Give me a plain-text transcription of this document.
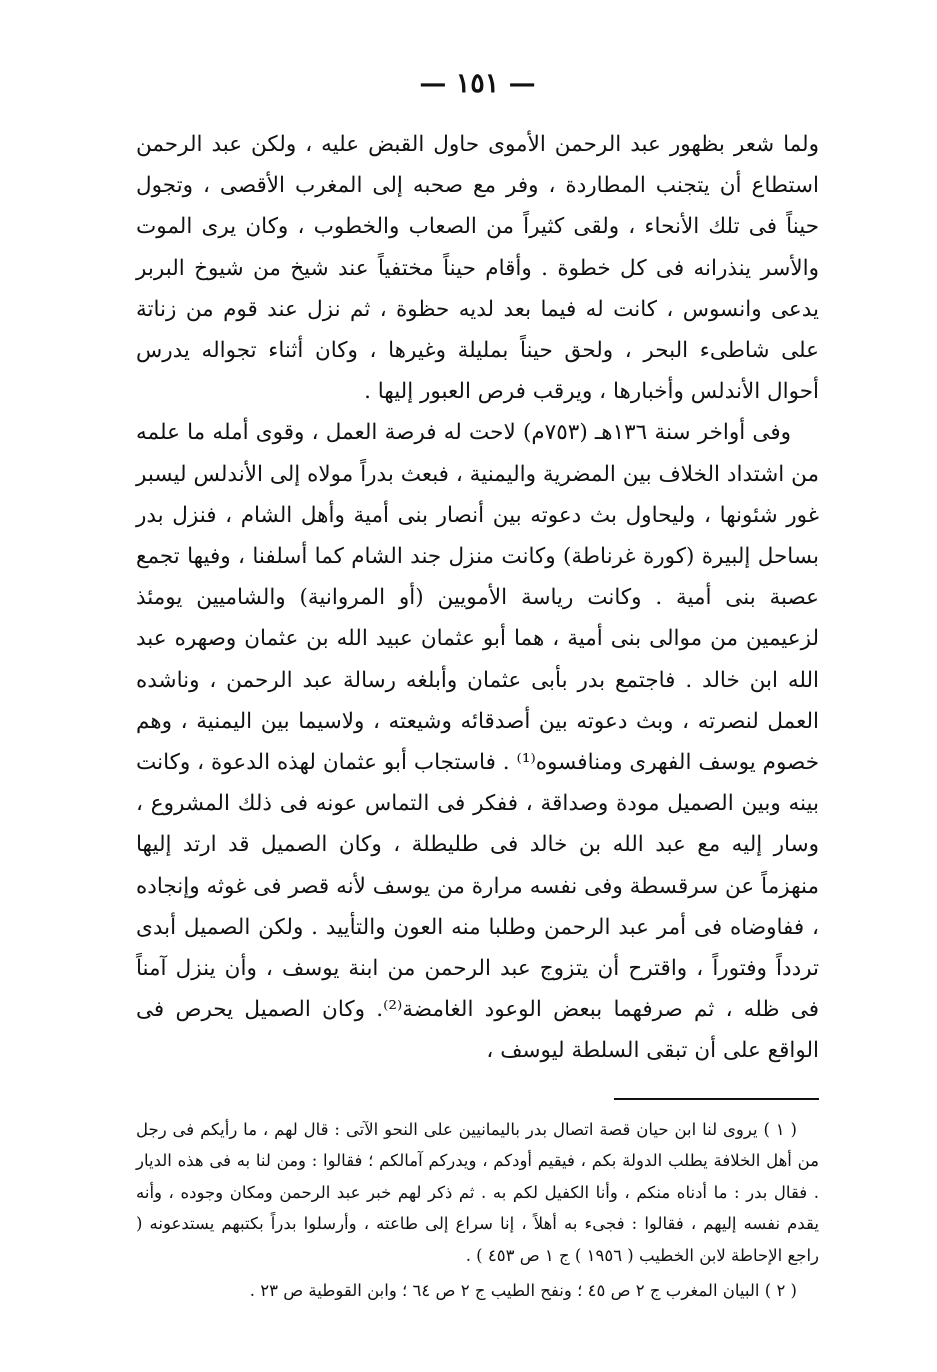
— ١٥١ —

ولما شعر بظهور عبد الرحمن الأموى حاول القبض عليه ، ولكن عبد الرحمن استطاع أن يتجنب المطاردة ، وفر مع صحبه إلى المغرب الأقصى ، وتجول حيناً فى تلك الأنحاء ، ولقى كثيراً من الصعاب والخطوب ، وكان يرى الموت والأسر ينذرانه فى كل خطوة . وأقام حيناً مختفياً عند شيخ من شيوخ البربر يدعى وانسوس ، كانت له فيما بعد لديه حظوة ، ثم نزل عند قوم من زناتة على شاطىء البحر ، ولحق حيناً بمليلة وغيرها ، وكان أثناء تجواله يدرس أحوال الأندلس وأخبارها ، ويرقب فرص العبور إليها .

وفى أواخر سنة ١٣٦هـ (٧٥٣م) لاحت له فرصة العمل ، وقوى أمله ما علمه من اشتداد الخلاف بين المضرية واليمنية ، فبعث بدراً مولاه إلى الأندلس ليسبر غور شئونها ، وليحاول بث دعوته بين أنصار بنى أمية وأهل الشام ، فنزل بدر بساحل إلبيرة (كورة غرناطة) وكانت منزل جند الشام كما أسلفنا ، وفيها تجمع عصبة بنى أمية . وكانت رياسة الأمويين (أو المروانية) والشاميين يومئذ لزعيمين من موالى بنى أمية ، هما أبو عثمان عبيد الله بن عثمان وصهره عبد الله ابن خالد . فاجتمع بدر بأبى عثمان وأبلغه رسالة عبد الرحمن ، وناشده العمل لنصرته ، وبث دعوته بين أصدقائه وشيعته ، ولاسيما بين اليمنية ، وهم خصوم يوسف الفهرى ومنافسوه⁽¹⁾ . فاستجاب أبو عثمان لهذه الدعوة ، وكانت بينه وبين الصميل مودة وصداقة ، ففكر فى التماس عونه فى ذلك المشروع ، وسار إليه مع عبد الله بن خالد فى طليطلة ، وكان الصميل قد ارتد إليها منهزماً عن سرقسطة وفى نفسه مرارة من يوسف لأنه قصر فى غوثه وإنجاده ، ففاوضاه فى أمر عبد الرحمن وطلبا منه العون والتأييد . ولكن الصميل أبدى تردداً وفتوراً ، واقترح أن يتزوج عبد الرحمن من ابنة يوسف ، وأن ينزل آمناً فى ظله ، ثم صرفهما ببعض الوعود الغامضة⁽²⁾. وكان الصميل يحرص فى الواقع على أن تبقى السلطة ليوسف ،

( ١ ) يروى لنا ابن حيان قصة اتصال بدر باليمانيين على النحو الآتى : قال لهم ، ما رأيكم فى رجل من أهل الخلافة يطلب الدولة بكم ، فيقيم أودكم ، ويدركم آمالكم ؛ فقالوا : ومن لنا به فى هذه الديار . فقال بدر : ما أدناه منكم ، وأنا الكفيل لكم به . ثم ذكر لهم خبر عبد الرحمن ومكان وجوده ، وأنه يقدم نفسه إليهم ، فقالوا : فجىء به أهلاً ، إنا سراع إلى طاعته ، وأرسلوا بدراً بكتبهم يستدعونه ( راجع الإحاطة لابن الخطيب ( ١٩٥٦ ) ج ١ ص ٤٥٣ ) .

( ٢ ) البيان المغرب ج ٢ ص ٤٥ ؛ ونفح الطيب ج ٢ ص ٦٤ ؛ وابن القوطية ص ٢٣ .
